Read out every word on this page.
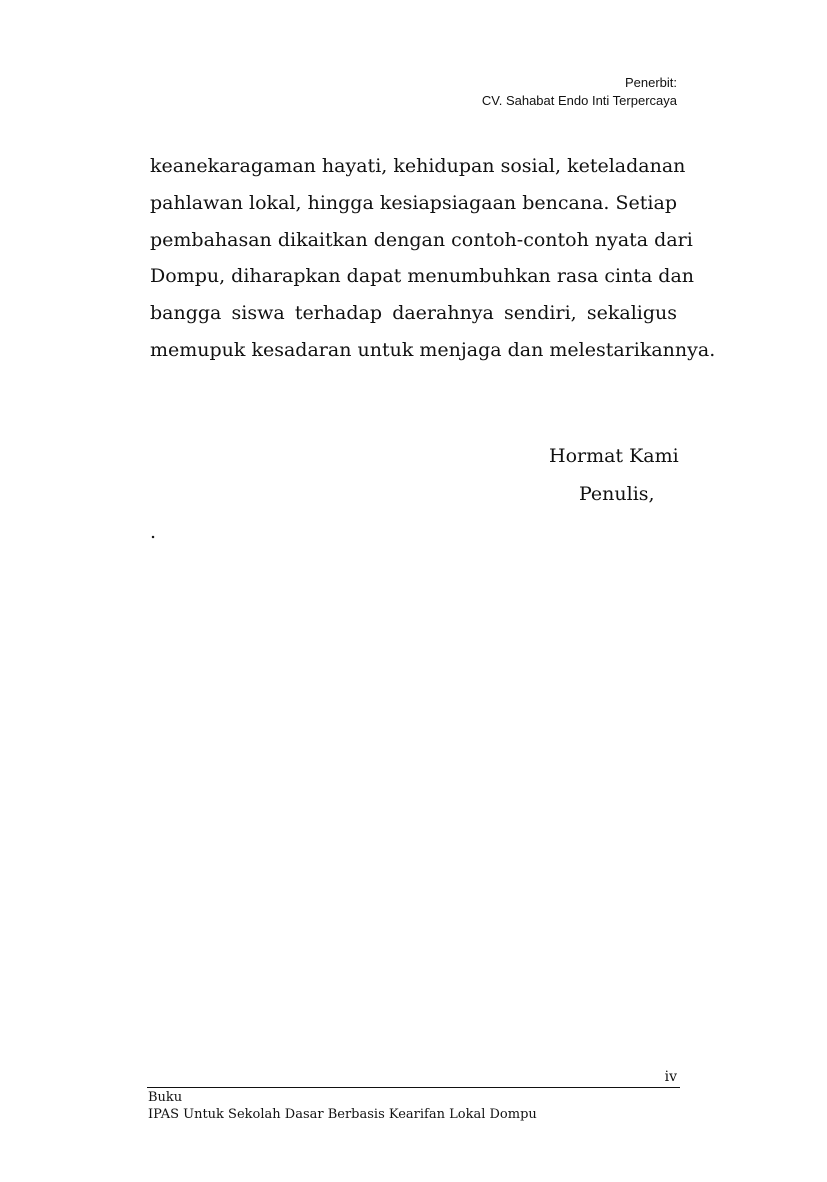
Penerbit:
CV. Sahabat Endo Inti Terpercaya
keanekaragaman hayati, kehidupan sosial, keteladanan
pahlawan lokal, hingga kesiapsiagaan bencana. Setiap
pembahasan dikaitkan dengan contoh-contoh nyata dari
Dompu, diharapkan dapat menumbuhkan rasa cinta dan
bangga siswa terhadap daerahnya sendiri, sekaligus
memupuk kesadaran untuk menjaga dan melestarikannya.
Hormat Kami
Penulis,
.
iv
Buku
IPAS Untuk Sekolah Dasar Berbasis Kearifan Lokal Dompu
